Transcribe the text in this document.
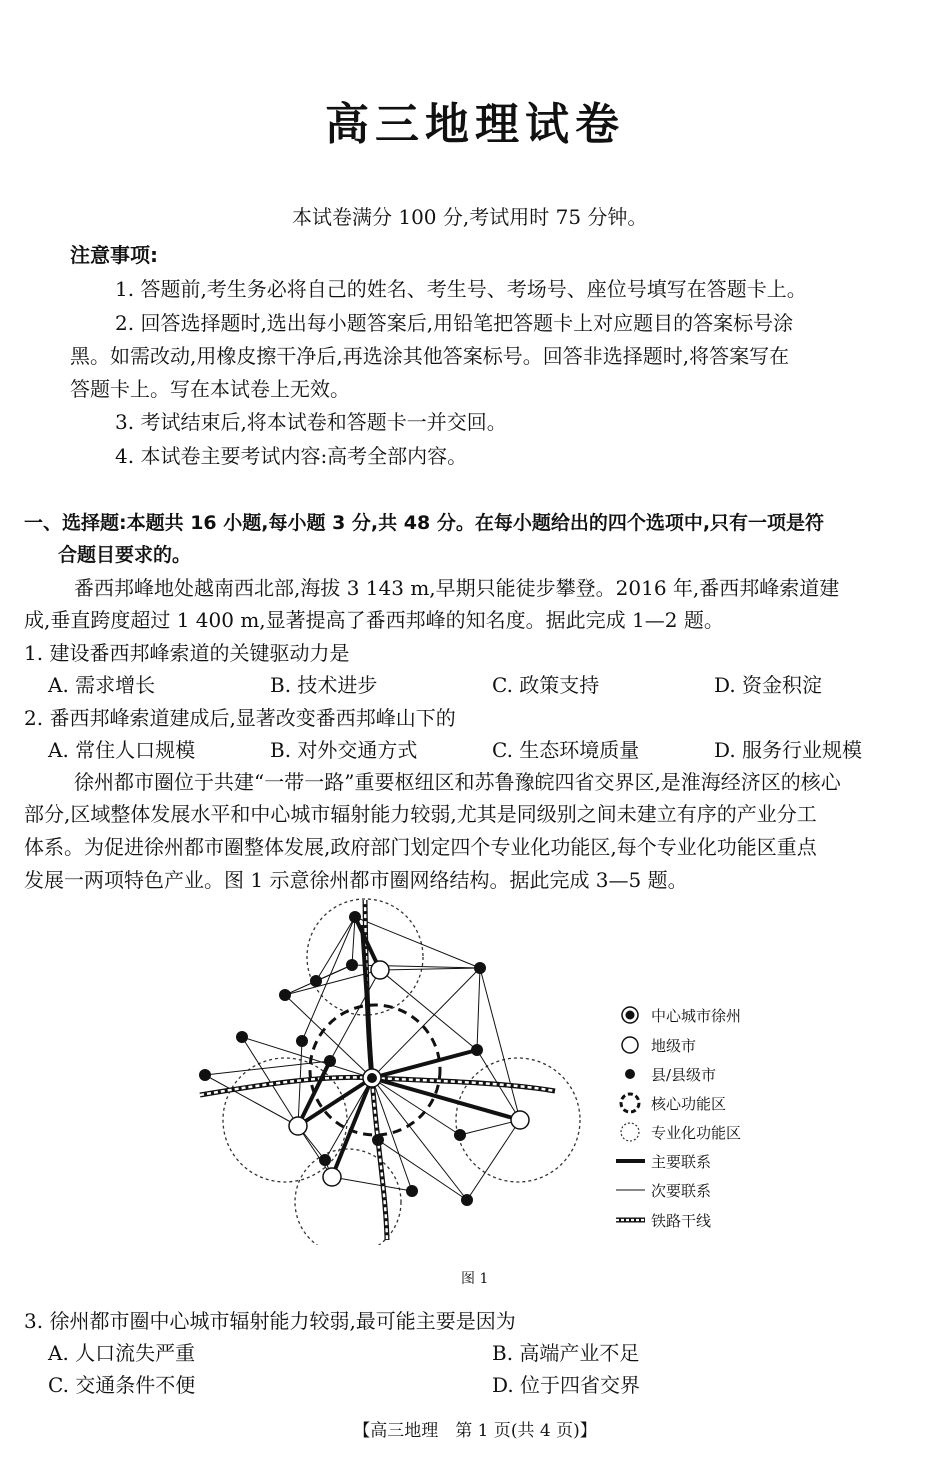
高三地理试卷
本试卷满分 100 分,考试用时 75 分钟。
注意事项:
1. 答题前,考生务必将自己的姓名、考生号、考场号、座位号填写在答题卡上。
2. 回答选择题时,选出每小题答案后,用铅笔把答题卡上对应题目的答案标号涂
黑。如需改动,用橡皮擦干净后,再选涂其他答案标号。回答非选择题时,将答案写在
答题卡上。写在本试卷上无效。
3. 考试结束后,将本试卷和答题卡一并交回。
4. 本试卷主要考试内容:高考全部内容。
一、选择题:本题共 16 小题,每小题 3 分,共 48 分。在每小题给出的四个选项中,只有一项是符
合题目要求的。
番西邦峰地处越南西北部,海拔 3 143 m,早期只能徒步攀登。2016 年,番西邦峰索道建
成,垂直跨度超过 1 400 m,显著提高了番西邦峰的知名度。据此完成 1—2 题。
1. 建设番西邦峰索道的关键驱动力是
A. 需求增长	B. 技术进步	C. 政策支持	D. 资金积淀
2. 番西邦峰索道建成后,显著改变番西邦峰山下的
A. 常住人口规模	B. 对外交通方式	C. 生态环境质量	D. 服务行业规模
徐州都市圈位于共建“一带一路”重要枢纽区和苏鲁豫皖四省交界区,是淮海经济区的核心
部分,区域整体发展水平和中心城市辐射能力较弱,尤其是同级别之间未建立有序的产业分工
体系。为促进徐州都市圈整体发展,政府部门划定四个专业化功能区,每个专业化功能区重点
发展一两项特色产业。图 1 示意徐州都市圈网络结构。据此完成 3—5 题。
中心城市徐州
地级市
县/县级市
核心功能区
专业化功能区
主要联系
次要联系
铁路干线
图 1
3. 徐州都市圈中心城市辐射能力较弱,最可能主要是因为
A. 人口流失严重	B. 高端产业不足
C. 交通条件不便	D. 位于四省交界
【高三地理　第 1 页(共 4 页)】
